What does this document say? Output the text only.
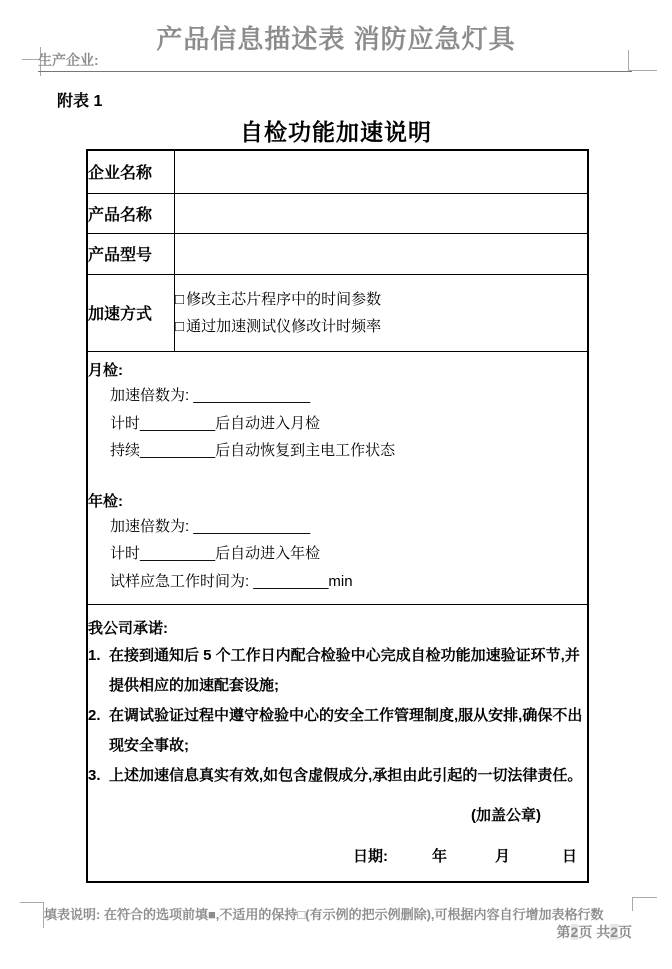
产品信息描述表 消防应急灯具
生产企业:
附表 1
自检功能加速说明
企业名称	
产品名称	
产品型号	
加速方式	□ 修改主芯片程序中的时间参数
□ 通过加速测试仪修改计时频率

月检:
加速倍数为: ______________
计时_________后自动进入月检
持续_________后自动恢复到主电工作状态
年检:
加速倍数为: ______________
计时_________后自动进入年检
试样应急工作时间为: _________min

我公司承诺:
1. 在接到通知后 5 个工作日内配合检验中心完成自检功能加速验证环节,并提供相应的加速配套设施;
2. 在调试验证过程中遵守检验中心的安全工作管理制度,服从安排,确保不出现安全事故;
3. 上述加速信息真实有效,如包含虚假成分,承担由此引起的一切法律责任。
(加盖公章)
日期:	年	月	日
填表说明: 在符合的选项前填■,不适用的保持□(有示例的把示例删除),可根据内容自行增加表格行数
第2页 共2页
